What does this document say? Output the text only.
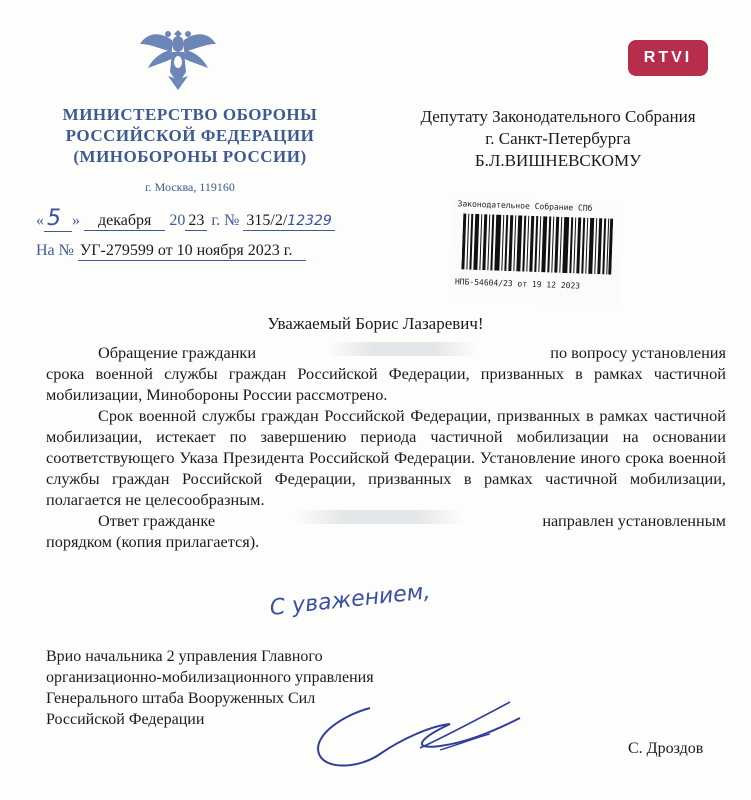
RTVI
МИНИСТЕРСТВО ОБОРОНЫ
РОССИЙСКОЙ ФЕДЕРАЦИИ
(МИНОБОРОНЫ РОССИИ)
г. Москва, 119160
« 5 » декабря 20 23 г. № 315/2/12329
На № УГ-279599 от 10 ноября 2023 г.
Депутату Законодательного Собрания
г. Санкт-Петербурга
Б.Л.ВИШНЕВСКОМУ
Законодательное Собрание СПб
НПБ-54604/23 от 19 12 2023
Уважаемый Борис Лазаревич!
Обращение гражданки	по вопросу установления

срока военной службы граждан Российской Федерации, призванных в рамках частичной мобилизации, Минобороны России рассмотрено.

Срок военной службы граждан Российской Федерации, призванных в рамках частичной мобилизации, истекает по завершению периода частичной мобилизации на основании соответствующего Указа Президента Российской Федерации. Установление иного срока военной службы граждан Российской Федерации, призванных в рамках частичной мобилизации, полагается не целесообразным.

Ответ гражданке	направлен установленным

порядком (копия прилагается).

С уважением,
Врио начальника 2 управления Главного
организационно-мобилизационного управления
Генерального штаба Вооруженных Сил
Российской Федерации
С. Дроздов
